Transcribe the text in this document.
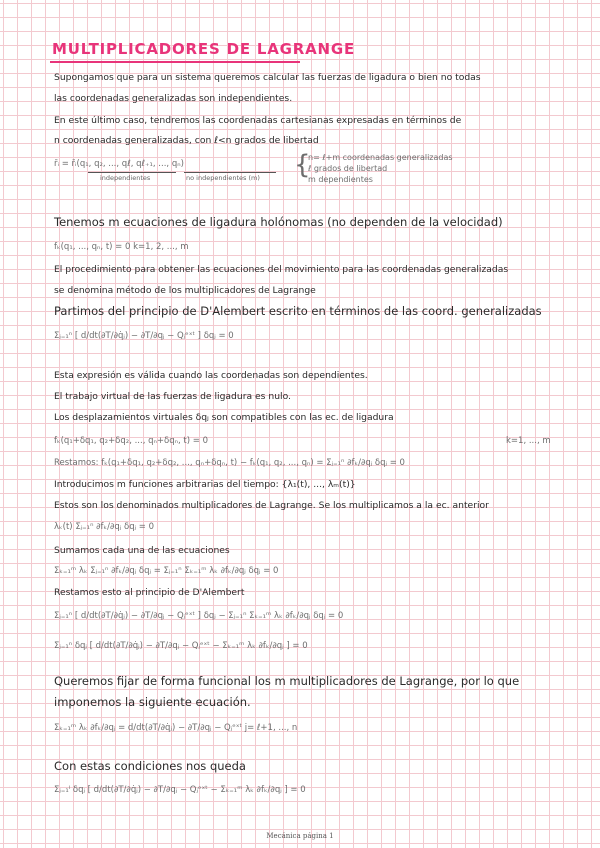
MULTIPLICADORES DE LAGRANGE
Supongamos que para un sistema queremos calcular las fuerzas de ligadura o bien no todas
las coordenadas generalizadas son independientes.
En este último caso, tendremos las coordenadas cartesianas expresadas en términos de
n coordenadas generalizadas, con ℓ<n grados de libertad
r̄ᵢ = r̄ᵢ(q₁, q₂, ..., qℓ, qℓ₊₁, ..., qₙ)
independientes	no independientes (m) {
n= ℓ+m coordenadas generalizadas
ℓ grados de libertad
m dependientes
Tenemos m ecuaciones de ligadura holónomas (no dependen de la velocidad)
fₖ(q₁, ..., qₙ, t) = 0 k=1, 2, ..., m
El procedimiento para obtener las ecuaciones del movimiento para las coordenadas generalizadas
se denomina método de los multiplicadores de Lagrange
Partimos del principio de D'Alembert escrito en términos de las coord. generalizadas
Σⱼ₌₁ⁿ [ d/dt(∂T/∂q̇ⱼ) − ∂T/∂qⱼ − Qⱼᵉˣᵗ ] δqⱼ = 0
Esta expresión es válida cuando las coordenadas son dependientes.
El trabajo virtual de las fuerzas de ligadura es nulo.
Los desplazamientos virtuales δqⱼ son compatibles con las ec. de ligadura
fₖ(q₁+δq₁, q₂+δq₂, ..., qₙ+δqₙ, t) = 0	k=1, ..., m
Restamos: fₖ(q₁+δq₁, q₂+δq₂, ..., qₙ+δqₙ, t) − fₖ(q₁, q₂, ..., qₙ) = Σⱼ₌₁ⁿ ∂fₖ/∂qⱼ δqⱼ = 0
Introducimos m funciones arbitrarias del tiempo: {λ₁(t), ..., λₘ(t)}
Estos son los denominados multiplicadores de Lagrange. Se los multiplicamos a la ec. anterior
λₖ(t) Σⱼ₌₁ⁿ ∂fₖ/∂qⱼ δqⱼ = 0
Sumamos cada una de las ecuaciones
Σₖ₌₁ᵐ λₖ Σⱼ₌₁ⁿ ∂fₖ/∂qⱼ δqⱼ = Σⱼ₌₁ⁿ Σₖ₌₁ᵐ λₖ ∂fₖ/∂qⱼ δqⱼ = 0
Restamos esto al principio de D'Alembert
Σⱼ₌₁ⁿ [ d/dt(∂T/∂q̇ⱼ) − ∂T/∂qⱼ − Qⱼᵉˣᵗ ] δqⱼ − Σⱼ₌₁ⁿ Σₖ₌₁ᵐ λₖ ∂fₖ/∂qⱼ δqⱼ = 0
Σⱼ₌₁ⁿ δqⱼ [ d/dt(∂T/∂q̇ⱼ) − ∂T/∂qⱼ − Qⱼᵉˣᵗ − Σₖ₌₁ᵐ λₖ ∂fₖ/∂qⱼ ] = 0
Queremos fijar de forma funcional los m multiplicadores de Lagrange, por lo que
imponemos la siguiente ecuación.
Σₖ₌₁ᵐ λₖ ∂fₖ/∂qⱼ = d/dt(∂T/∂q̇ⱼ) − ∂T/∂qⱼ − Qⱼᵉˣᵗ j= ℓ+1, ..., n
Con estas condiciones nos queda
Σⱼ₌₁ˡ δqⱼ [ d/dt(∂T/∂q̇ⱼ) − ∂T/∂qⱼ − Qⱼᵉˣᵗ − Σₖ₌₁ᵐ λₖ ∂fₖ/∂qⱼ ] = 0
Mecánica página 1
